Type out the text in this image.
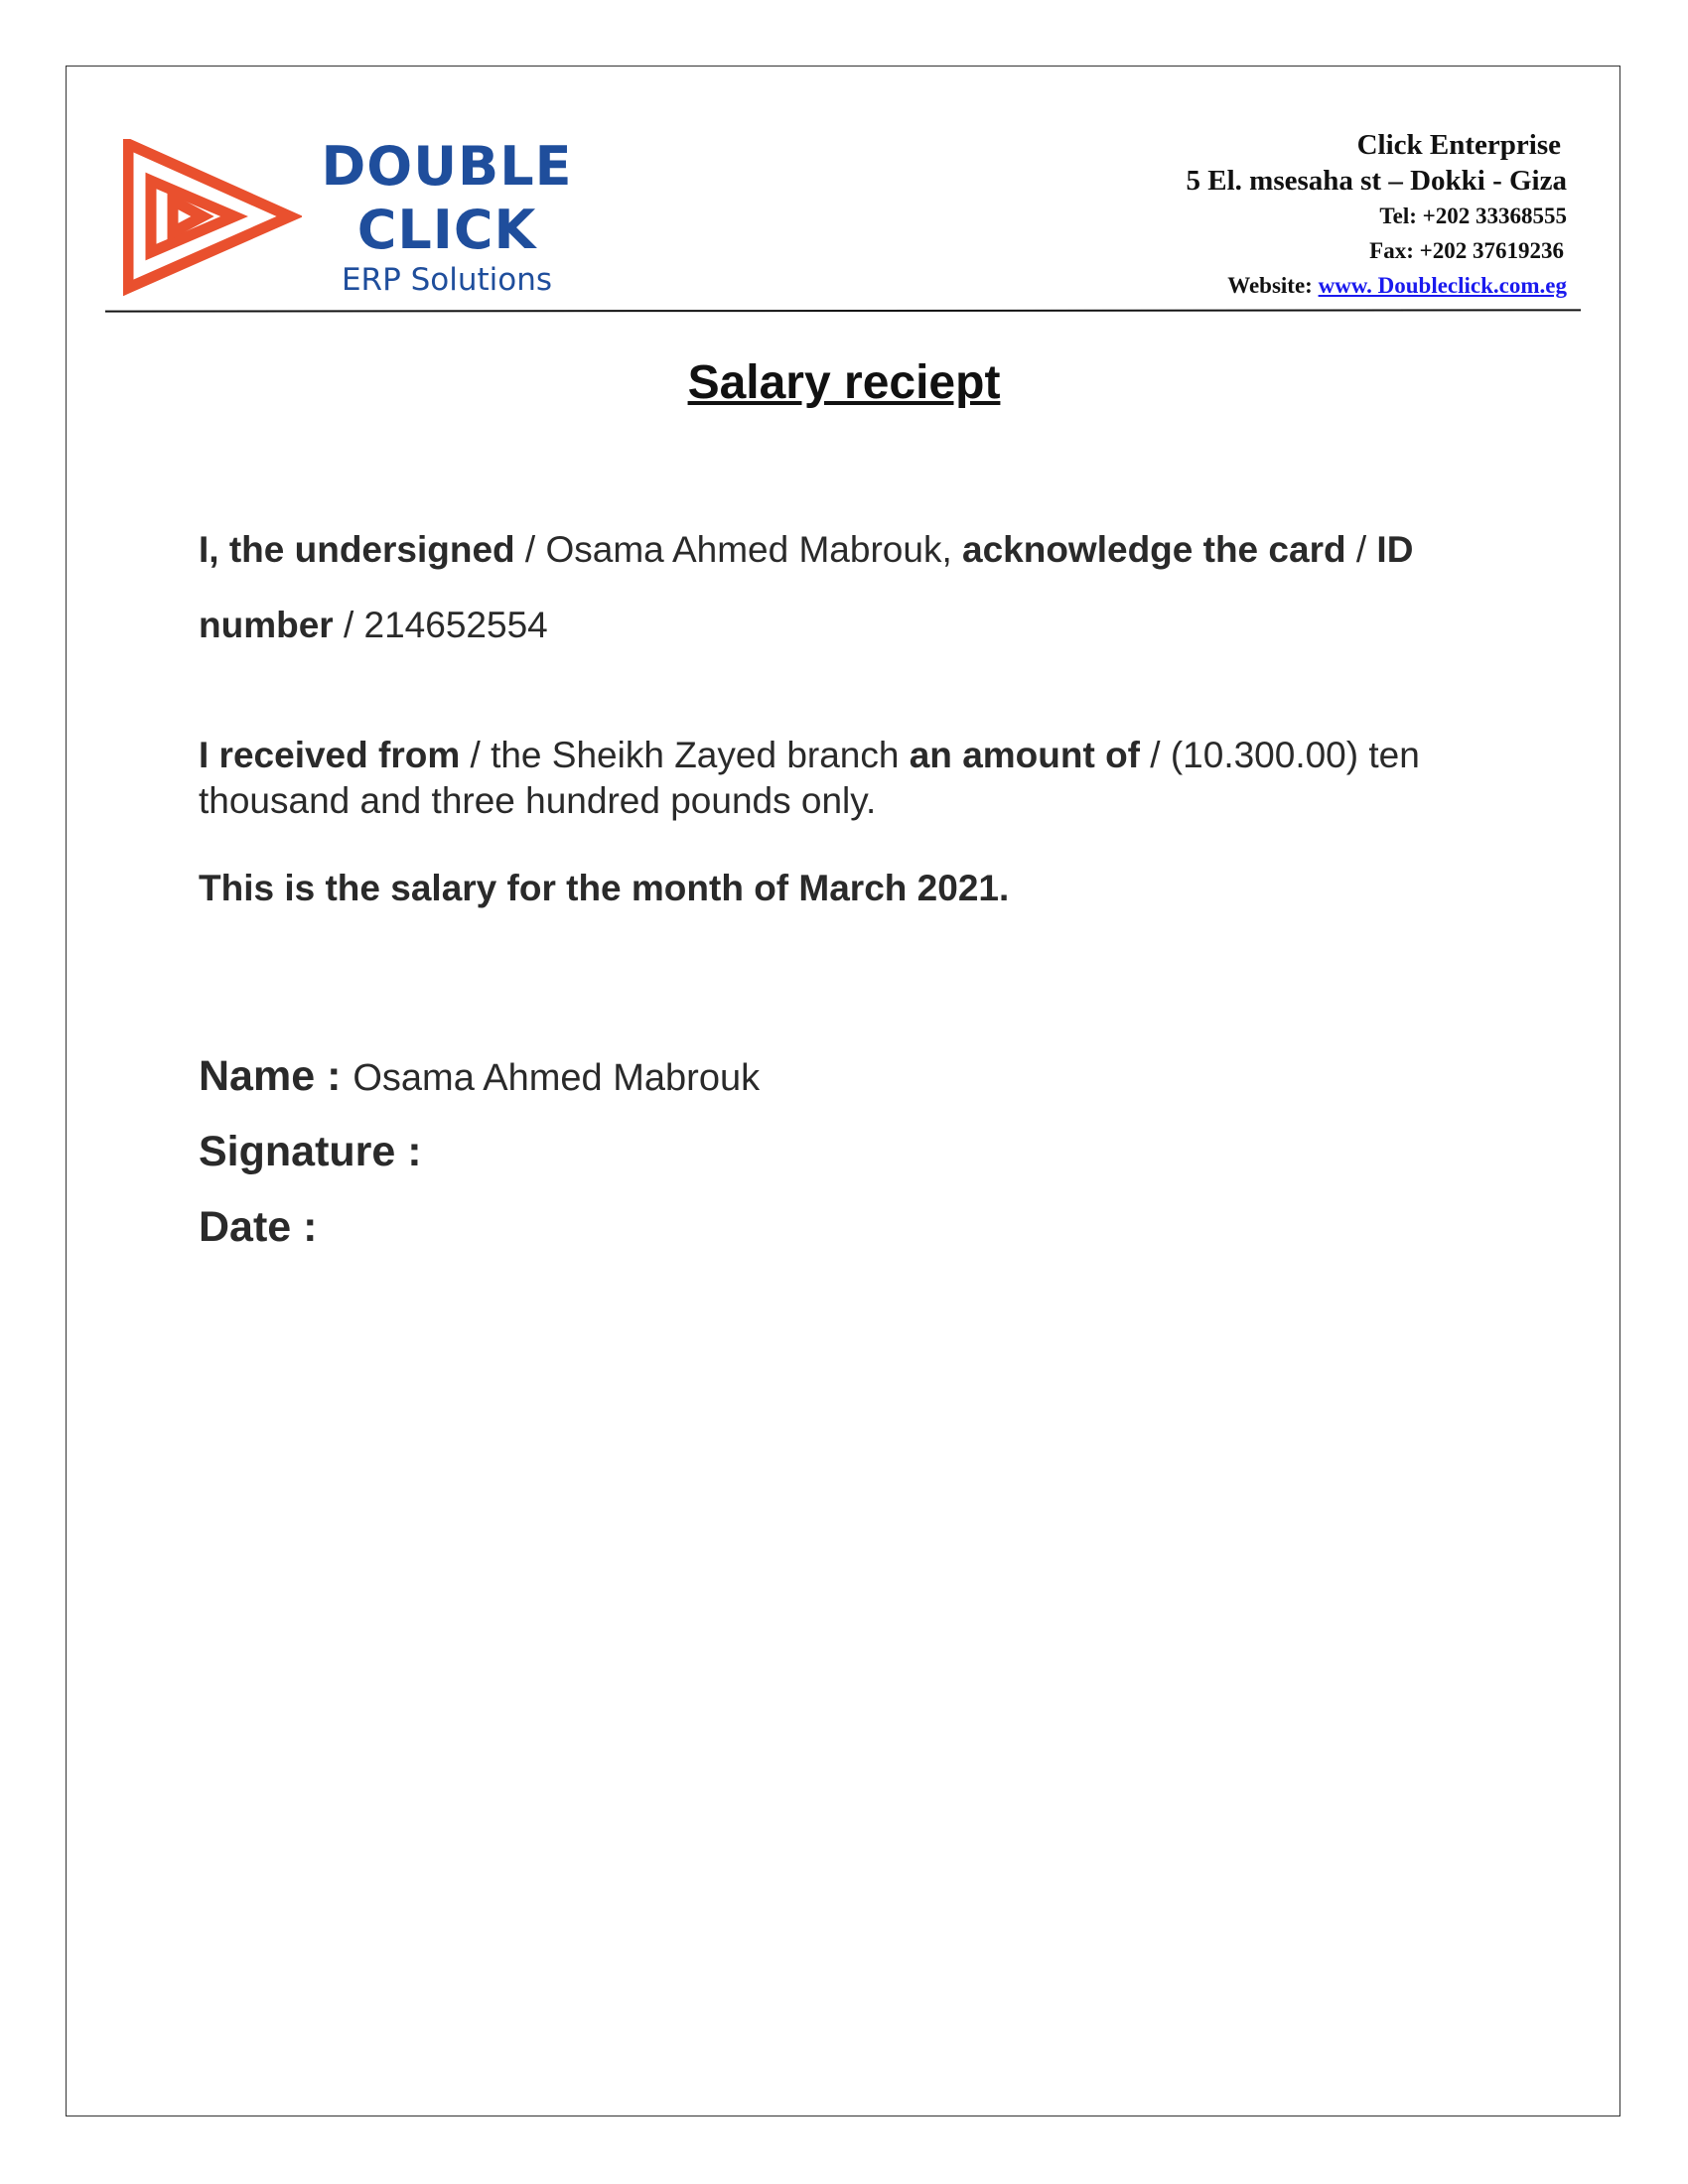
DOUBLE
CLICK
ERP Solutions
Click Enterprise
5 El. msesaha st – Dokki - Giza
Tel: +202 33368555
Fax: +202 37619236
Website: www. Doubleclick.com.eg
Salary reciept
I, the undersigned / Osama Ahmed Mabrouk, acknowledge the card / ID number / 214652554
I received from / the Sheikh Zayed branch an amount of / (10.300.00) ten thousand and three hundred pounds only.
This is the salary for the month of March 2021.
Name : Osama Ahmed Mabrouk
Signature :
Date :
